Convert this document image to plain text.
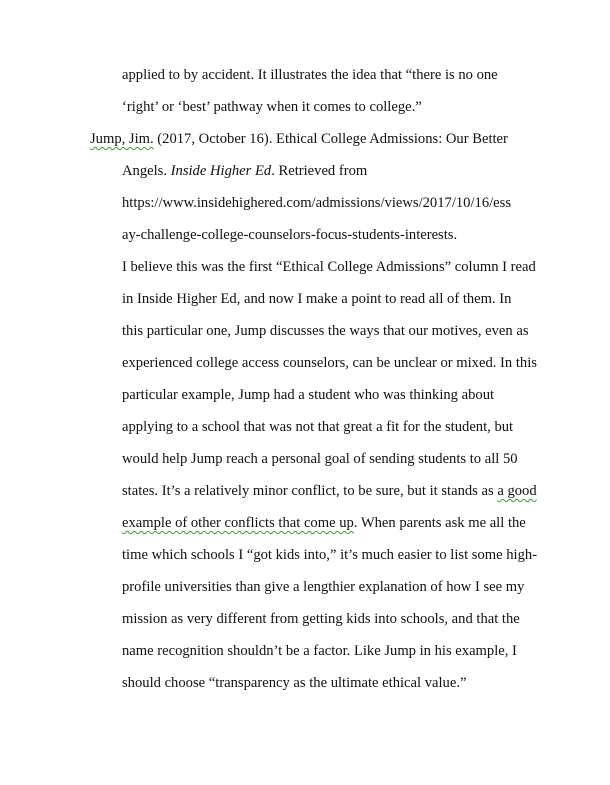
applied to by accident. It illustrates the idea that “there is no one
‘right’ or ‘best’ pathway when it comes to college.”
Jump, Jim. (2017, October 16). Ethical College Admissions: Our Better
Angels. Inside Higher Ed. Retrieved from
https://www.insidehighered.com/admissions/views/2017/10/16/ess
ay-challenge-college-counselors-focus-students-interests.
I believe this was the first “Ethical College Admissions” column I read
in Inside Higher Ed, and now I make a point to read all of them. In
this particular one, Jump discusses the ways that our motives, even as
experienced college access counselors, can be unclear or mixed. In this
particular example, Jump had a student who was thinking about
applying to a school that was not that great a fit for the student, but
would help Jump reach a personal goal of sending students to all 50
states. It’s a relatively minor conflict, to be sure, but it stands as a good
example of other conflicts that come up. When parents ask me all the
time which schools I “got kids into,” it’s much easier to list some high-
profile universities than give a lengthier explanation of how I see my
mission as very different from getting kids into schools, and that the
name recognition shouldn’t be a factor. Like Jump in his example, I
should choose “transparency as the ultimate ethical value.”
